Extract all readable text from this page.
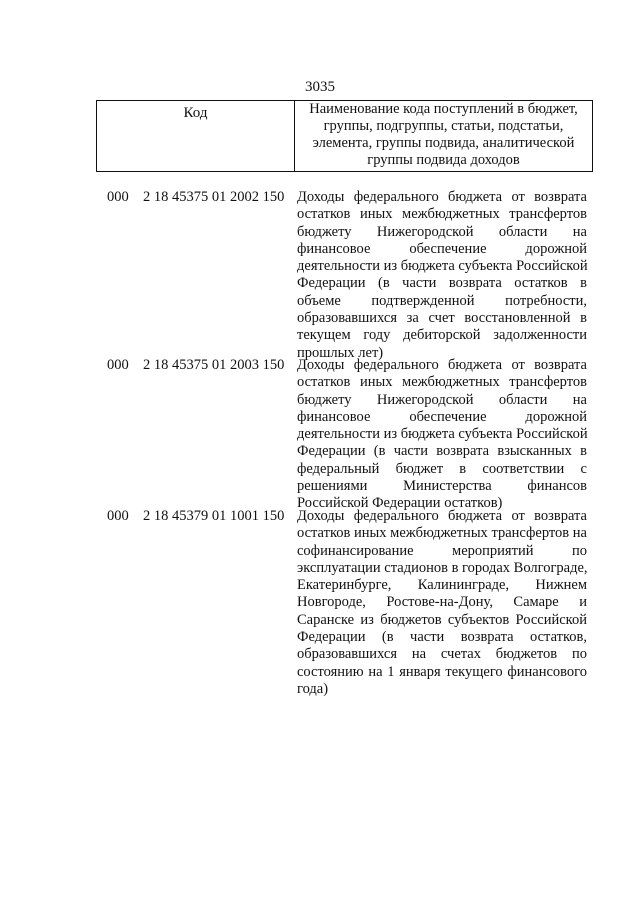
3035
Код	Наименование кода поступлений в бюджет, группы, подгруппы, статьи, подстатьи, элемента, группы подвида, аналитической группы подвида доходов
000 2 18 45375 01 2002 150 Доходы федерального бюджета от возврата
остатков иных межбюджетных трансфертов
бюджету Нижегородской области на
финансовое обеспечение дорожной
деятельности из бюджета субъекта Российской
Федерации (в части возврата остатков в
объеме подтвержденной потребности,
образовавшихся за счет восстановленной в
текущем году дебиторской задолженности
прошлых лет)
000 2 18 45375 01 2003 150 Доходы федерального бюджета от возврата
остатков иных межбюджетных трансфертов
бюджету Нижегородской области на
финансовое обеспечение дорожной
деятельности из бюджета субъекта Российской
Федерации (в части возврата взысканных в
федеральный бюджет в соответствии с
решениями Министерства финансов
Российской Федерации остатков)
000 2 18 45379 01 1001 150 Доходы федерального бюджета от возврата
остатков иных межбюджетных трансфертов на
софинансирование мероприятий по
эксплуатации стадионов в городах Волгограде,
Екатеринбурге, Калининграде, Нижнем
Новгороде, Ростове-на-Дону, Самаре и
Саранске из бюджетов субъектов Российской
Федерации (в части возврата остатков,
образовавшихся на счетах бюджетов по
состоянию на 1 января текущего финансового
года)
